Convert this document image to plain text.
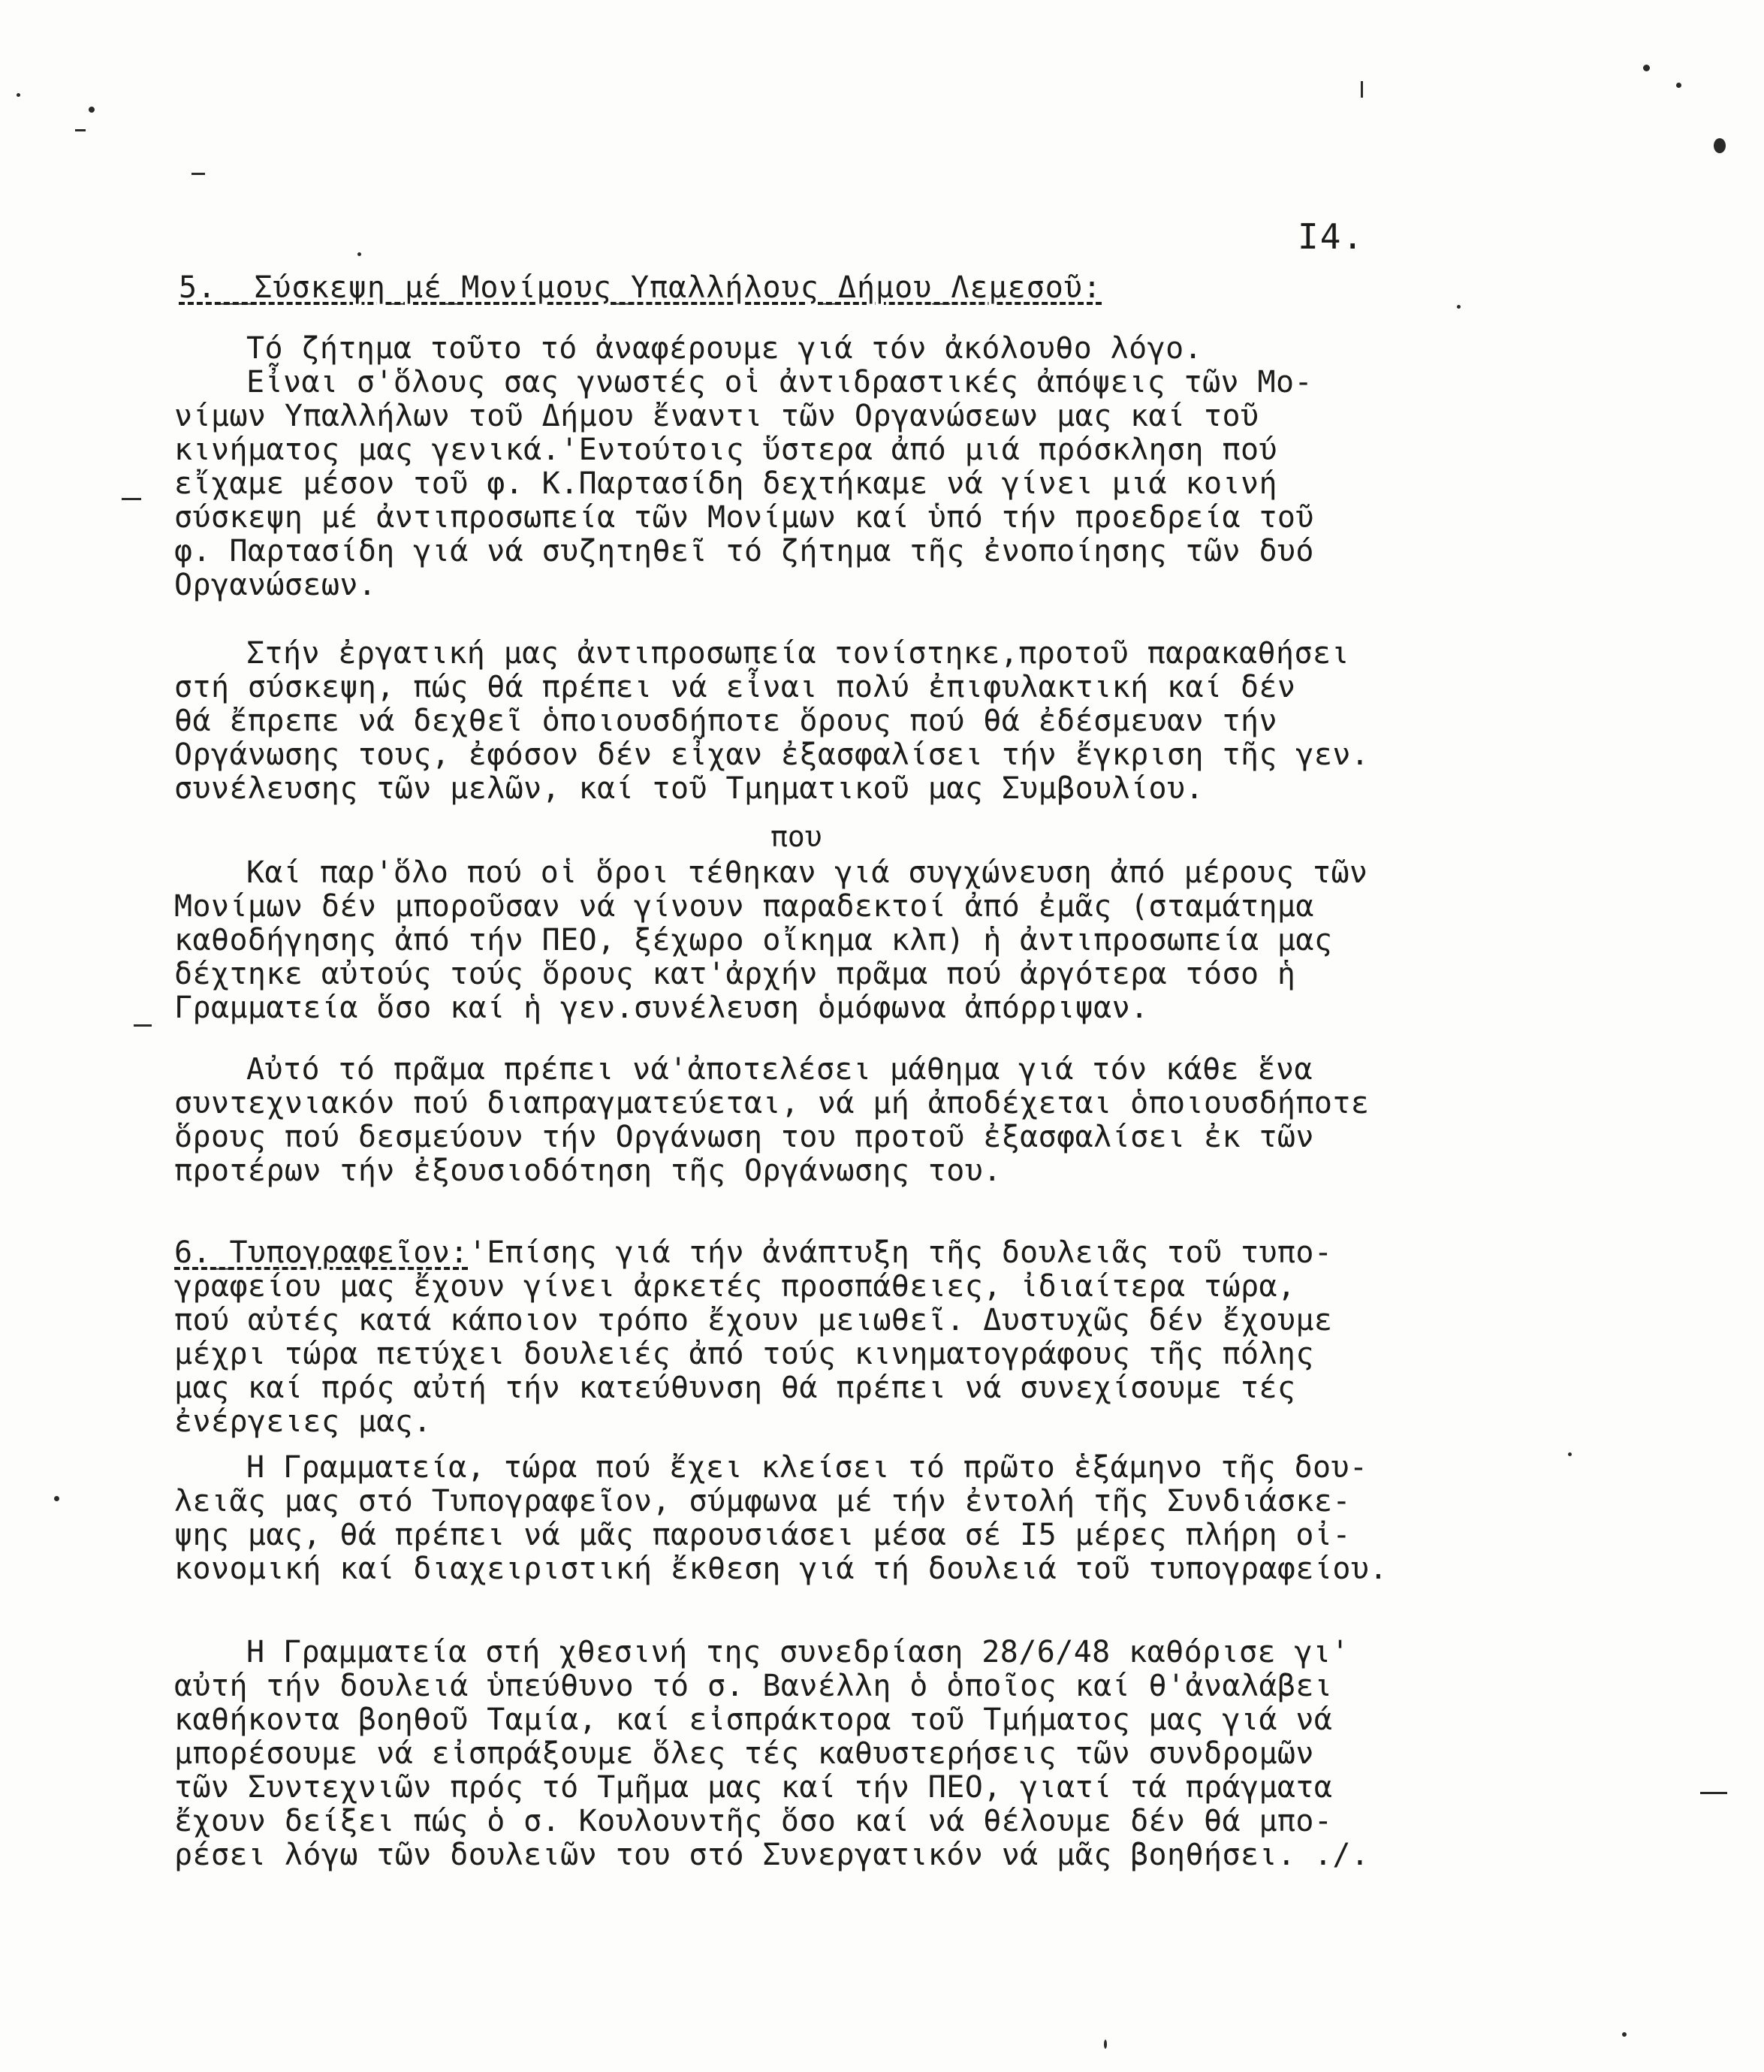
I4.
5.__Σύσκεψη_μέ_Μονίμους_Υπαλλήλους_Δήμου_Λεμεσοῦ:
Τό ζήτημα τοῦτο τό ἀναφέρουμε γιά τόν ἀκόλουθο λόγο.
Εἶναι σ'ὅλους σας γνωστές οἱ ἀντιδραστικές ἀπόψεις τῶν Μο-
νίμων Υπαλλήλων τοῦ Δήμου ἔναντι τῶν Οργανώσεων μας καί τοῦ
κινήματος μας γενικά.'Εντούτοις ὕστερα ἀπό μιά πρόσκληση πού
εἴχαμε μέσον τοῦ φ. Κ.Παρτασίδη δεχτήκαμε νά γίνει μιά κοινή
σύσκεψη μέ ἀντιπροσωπεία τῶν Μονίμων καί ὑπό τήν προεδρεία τοῦ
φ. Παρτασίδη γιά νά συζητηθεῖ τό ζήτημα τῆς ἐνοποίησης τῶν δυό
Οργανώσεων.
Στήν ἐργατική μας ἀντιπροσωπεία τονίστηκε,προτοῦ παρακαθήσει
στή σύσκεψη, πώς θά πρέπει νά εἶναι πολύ ἐπιφυλακτική καί δέν
θά ἔπρεπε νά δεχθεῖ ὁποιουσδήποτε ὅρους πού θά ἐδέσμευαν τήν
Οργάνωσης τους, ἐφόσον δέν εἶχαν ἐξασφαλίσει τήν ἔγκριση τῆς γεν.
συνέλευσης τῶν μελῶν, καί τοῦ Τμηματικοῦ μας Συμβουλίου.
που
Καί παρ'ὅλο πού οἱ ὅροι τέθηκαν γιά συγχώνευση ἀπό μέρους τῶν
Μονίμων δέν μποροῦσαν νά γίνουν παραδεκτοί ἀπό ἐμᾶς (σταμάτημα
καθοδήγησης ἀπό τήν ΠΕΟ, ξέχωρο οἴκημα κλπ) ἡ ἀντιπροσωπεία μας
δέχτηκε αὐτούς τούς ὅρους κατ'ἀρχήν πρᾶμα πού ἀργότερα τόσο ἡ
Γραμματεία ὅσο καί ἡ γεν.συνέλευση ὁμόφωνα ἀπόρριψαν.
Αὐτό τό πρᾶμα πρέπει νά'ἀποτελέσει μάθημα γιά τόν κάθε ἕνα
συντεχνιακόν πού διαπραγματεύεται, νά μή ἀποδέχεται ὁποιουσδήποτε
ὅρους πού δεσμεύουν τήν Οργάνωση του προτοῦ ἐξασφαλίσει ἐκ τῶν
προτέρων τήν ἐξουσιοδότηση τῆς Οργάνωσης του.
6._Τυπογραφεῖον:'Επίσης γιά τήν ἀνάπτυξη τῆς δουλειᾶς τοῦ τυπο-
γραφείου μας ἔχουν γίνει ἀρκετές προσπάθειες, ἰδιαίτερα τώρα,
πού αὐτές κατά κάποιον τρόπο ἔχουν μειωθεῖ. Δυστυχῶς δέν ἔχουμε
μέχρι τώρα πετύχει δουλειές ἀπό τούς κινηματογράφους τῆς πόλης
μας καί πρός αὐτή τήν κατεύθυνση θά πρέπει νά συνεχίσουμε τές
ἐνέργειες μας.
Η Γραμματεία, τώρα πού ἔχει κλείσει τό πρῶτο ἑξάμηνο τῆς δου-
λειᾶς μας στό Τυπογραφεῖον, σύμφωνα μέ τήν ἐντολή τῆς Συνδιάσκε-
ψης μας, θά πρέπει νά μᾶς παρουσιάσει μέσα σέ I5 μέρες πλήρη οἰ-
κονομική καί διαχειριστική ἔκθεση γιά τή δουλειά τοῦ τυπογραφείου.
Η Γραμματεία στή χθεσινή της συνεδρίαση 28/6/48 καθόρισε γι'
αὐτή τήν δουλειά ὑπεύθυνο τό σ. Βανέλλη ὁ ὁποῖος καί θ'ἀναλάβει
καθήκοντα βοηθοῦ Ταμία, καί εἰσπράκτορα τοῦ Τμήματος μας γιά νά
μπορέσουμε νά εἰσπράξουμε ὅλες τές καθυστερήσεις τῶν συνδρομῶν
τῶν Συντεχνιῶν πρός τό Τμῆμα μας καί τήν ΠΕΟ, γιατί τά πράγματα
ἔχουν δείξει πώς ὁ σ. Κουλουντῆς ὅσο καί νά θέλουμε δέν θά μπο-
ρέσει λόγω τῶν δουλειῶν του στό Συνεργατικόν νά μᾶς βοηθήσει. ./.
